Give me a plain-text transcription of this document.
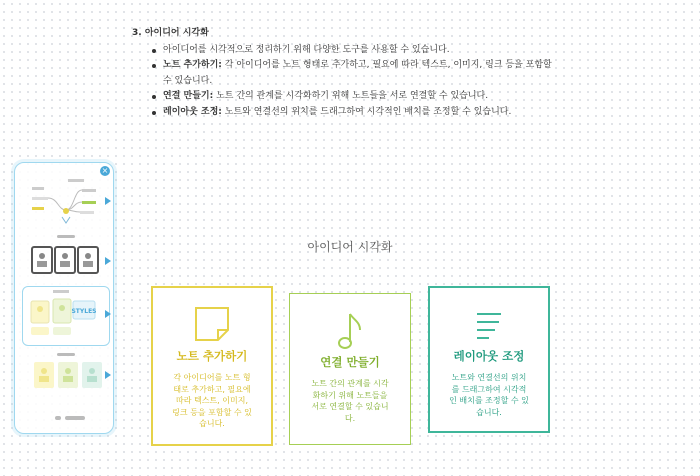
3. 아이디어 시각화
아이디어를 시각적으로 정리하기 위해 다양한 도구를 사용할 수 있습니다.
노트 추가하기: 각 아이디어를 노트 형태로 추가하고, 필요에 따라 텍스트, 이미지, 링크 등을 포함할 수 있습니다.
연결 만들기: 노트 간의 관계를 시각화하기 위해 노트들을 서로 연결할 수 있습니다.
레이아웃 조정: 노트와 연결선의 위치를 드래그하여 시각적인 배치를 조정할 수 있습니다.
×
STYLES
아이디어 시각화
노트 추가하기
각 아이디어를 노트 형태로 추가하고, 필요에 따라 텍스트, 이미지, 링크 등을 포함할 수 있습니다.
연결 만들기
노트 간의 관계를 시각화하기 위해 노트들을 서로 연결할 수 있습니다.
레이아웃 조정
노트와 연결선의 위치를 드래그하여 시각적인 배치를 조정할 수 있습니다.
